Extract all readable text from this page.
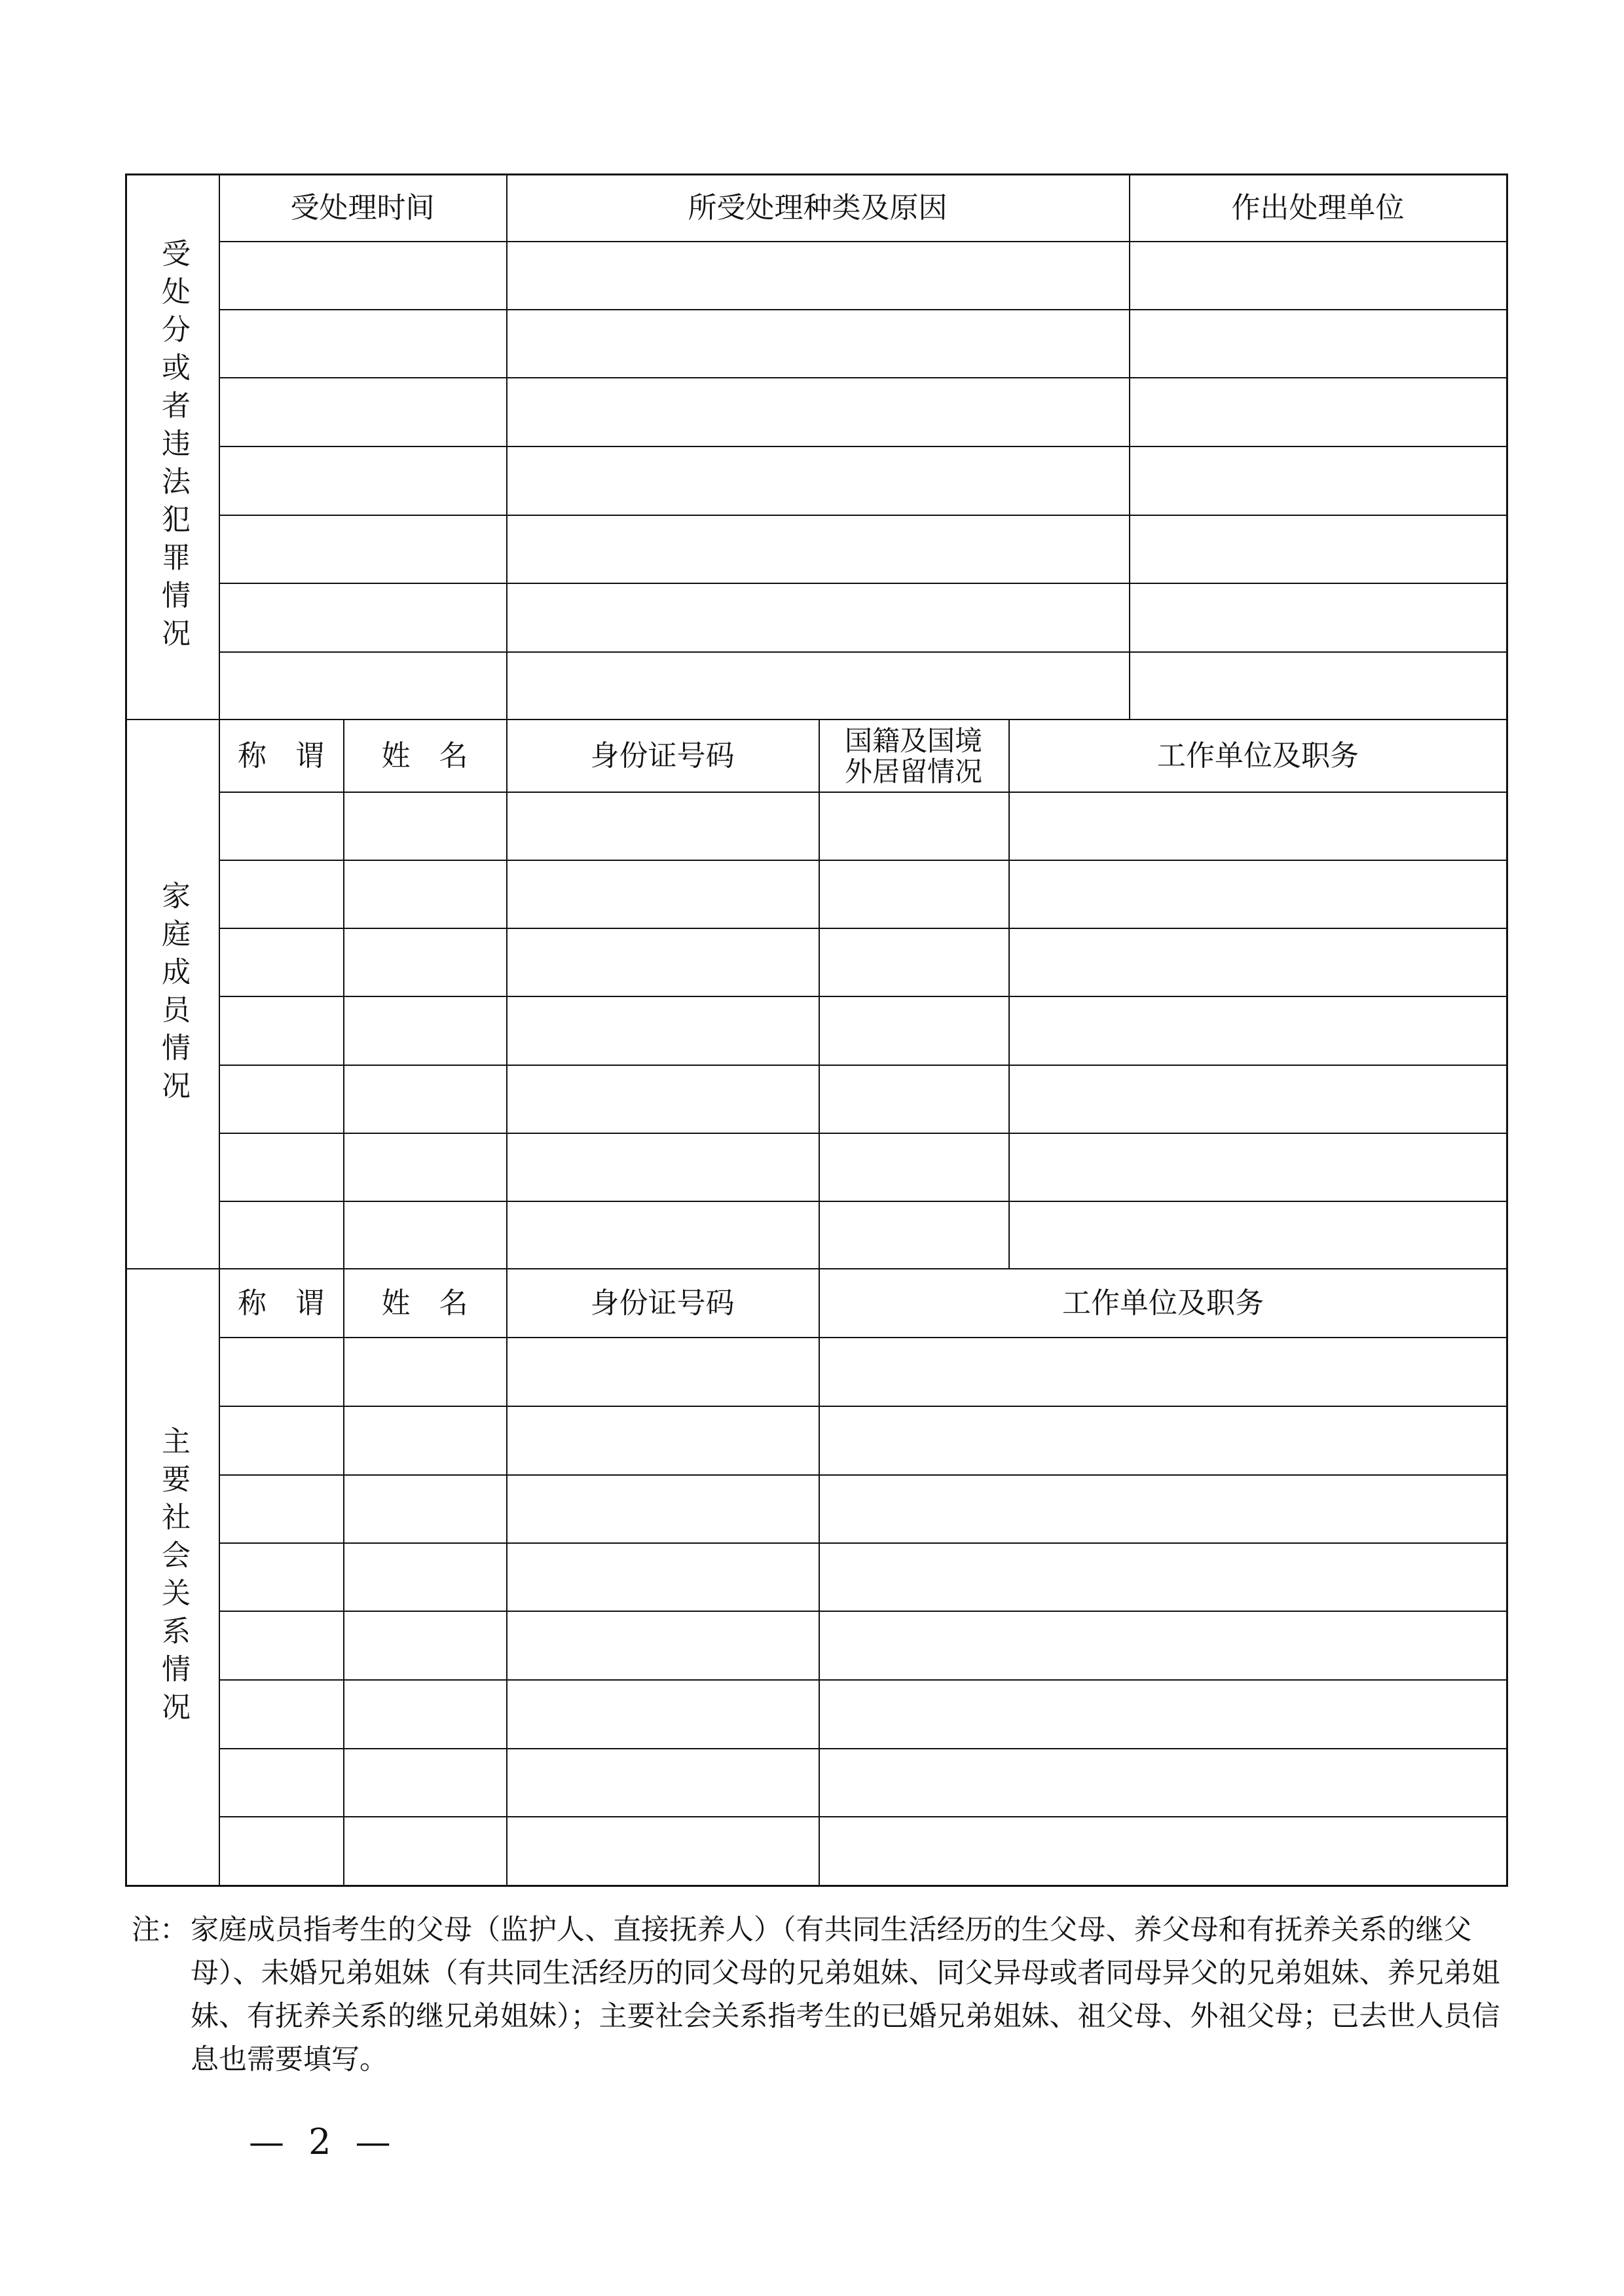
受处分或者违法犯罪情况
受处理时间	所受处理种类及原因	作出处理单位
家庭成员情况
称　谓	姓　名	身份证号码	国籍及国境外居留情况	工作单位及职务
主要社会关系情况
称　谓	姓　名	身份证号码	工作单位及职务
注： 家庭成员指考生的父母（监护人、直接抚养人）（有共同生活经历的生父母、养父母和有抚养关系的继父母）、未婚兄弟姐妹（有共同生活经历的同父母的兄弟姐妹、同父异母或者同母异父的兄弟姐妹、养兄弟姐妹、有抚养关系的继兄弟姐妹）；主要社会关系指考生的已婚兄弟姐妹、祖父母、外祖父母；已去世人员信息也需要填写。
— 2 —
